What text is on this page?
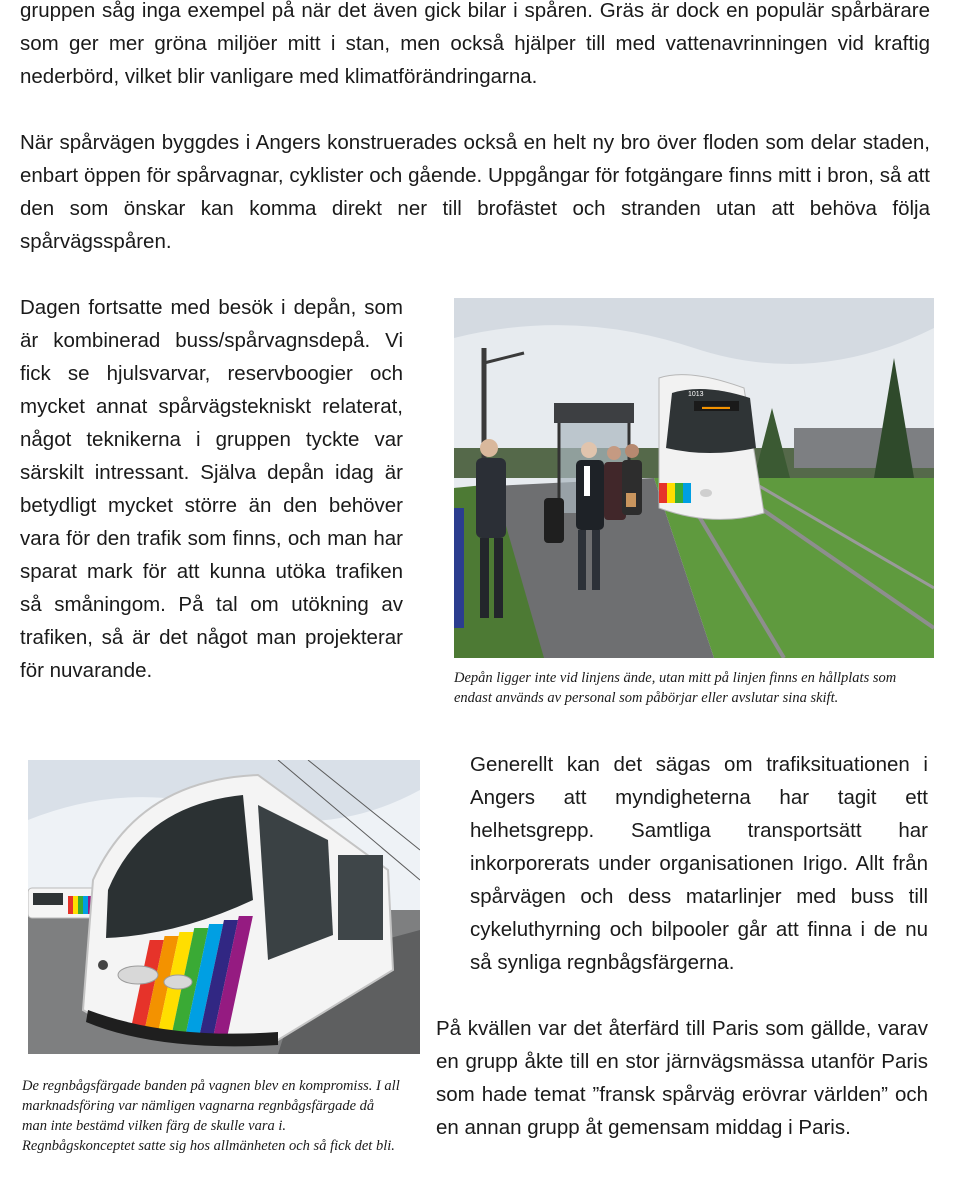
gruppen såg inga exempel på när det även gick bilar i spåren. Gräs är dock en populär spårbärare som ger mer gröna miljöer mitt i stan, men också hjälper till med vattenavrinningen vid kraftig nederbörd, vilket blir vanligare med klimatförändringarna.

När spårvägen byggdes i Angers konstruerades också en helt ny bro över floden som delar staden, enbart öppen för spårvagnar, cyklister och gående. Uppgångar för fotgängare finns mitt i bron, så att den som önskar kan komma direkt ner till brofästet och stranden utan att behöva följa spårvägsspåren.

Dagen fortsatte med besök i depån, som är kombinerad buss/spårvagnsdepå. Vi fick se hjulsvarvar, reservboogier och mycket annat spårvägstekniskt relaterat, något teknikerna i gruppen tyckte var särskilt intressant. Själva depån idag är betydligt mycket större än den behöver vara för den trafik som finns, och man har sparat mark för att kunna utöka trafiken så småningom. På tal om utökning av trafiken, så är det något man projekterar för nuvarande.

▬▬▬▬
1013

Depån ligger inte vid linjens ände, utan mitt på linjen finns en hållplats som endast används av personal som påbörjar eller avslutar sina skift.

De regnbågsfärgade banden på vagnen blev en kompromiss. I all marknadsföring var nämligen vagnarna regnbågsfärgade då man inte bestämd vilken färg de skulle vara i. Regnbågskonceptet satte sig hos allmänheten och så fick det bli.

Generellt kan det sägas om trafiksituationen i Angers att myndigheterna har tagit ett helhetsgrepp. Samtliga transportsätt har inkorporerats under organisationen Irigo. Allt från spårvägen och dess matarlinjer med buss till cykeluthyrning och bilpooler går att finna i de nu så synliga regnbågsfärgerna.

På kvällen var det återfärd till Paris som gällde, varav en grupp åkte till en stor järnvägsmässa utanför Paris som hade temat ”fransk spårväg erövrar världen” och en annan grupp åt gemensam middag i Paris.
